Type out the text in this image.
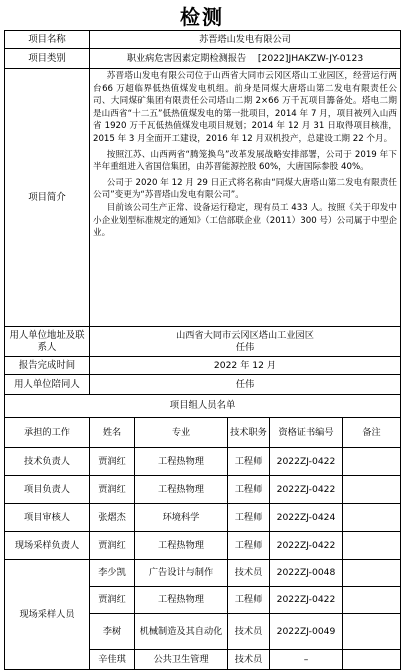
检测
项目名称	苏晋塔山发电有限公司
项目类别	职业病危害因素定期检测报告    [2022]JHAKZW-JY-0123
项目简介	苏晋塔山发电有限公司位于山西省大同市云冈区塔山工业园区，经营运行两台66 万超临界低热值煤发电机组。前身是同煤大唐塔山第二发电有限责任公司、大同煤矿集团有限责任公司塔山二期 2×66 万千瓦项目籌备处。塔电二期是山西省“十二五”低热值煤发电的第一批项目，2014 年 7 月，项目被列入山西省 1920 万千瓦低热值煤发电项目规划；2014 年 12 月 31 日取得项目核准，2015 年 3 月全面开工建设，2016 年 12 月双机投产，总建设工期 22 个月。

按照江苏、山西两省“腾笼换鸟”改革发展战略安排部署，公司于 2019 年下半年重组进入省国信集团，由苏晋能源控股 60%，大唐国际参股 40%。

公司于 2020 年 12 月 29 日正式将名称由“同煤大唐塔山第二发电有限责任公司”变更为“苏晋塔山发电有限公司”。

目前该公司生产正常、设备运行稳定，现有员工 433 人。按照《关于印发中小企业划型标准规定的通知》（工信部联企业（2011）300 号）公司属于中型企业。

用人单位地址及联系人	山西省大同市云冈区塔山工业园区
任伟

报告完成时间	2022 年 12 月
用人单位陪同人	任伟
项目组人员名单					
承担的工作	姓名	专业	技术职务	资格证书编号	备注
技术负责人	贾润红	工程热物理	工程师	2022ZJ-0422	
项目负责人	贾润红	工程热物理	工程师	2022ZJ-0422	
项目审核人	张熠杰	环境科学	工程师	2022ZJ-0424	
现场采样负责人	贾润红	工程热物理	工程师	2022ZJ-0422	
现场采样人员	李少凯	广告设计与制作	技术员	2022ZJ-0048	
	贾润红	工程热物理	工程师	2022ZJ-0422	
	李树	机械制造及其自动化	技术员	2022ZJ-0049	
	辛佳琪	公共卫生管理	技术员	–	
